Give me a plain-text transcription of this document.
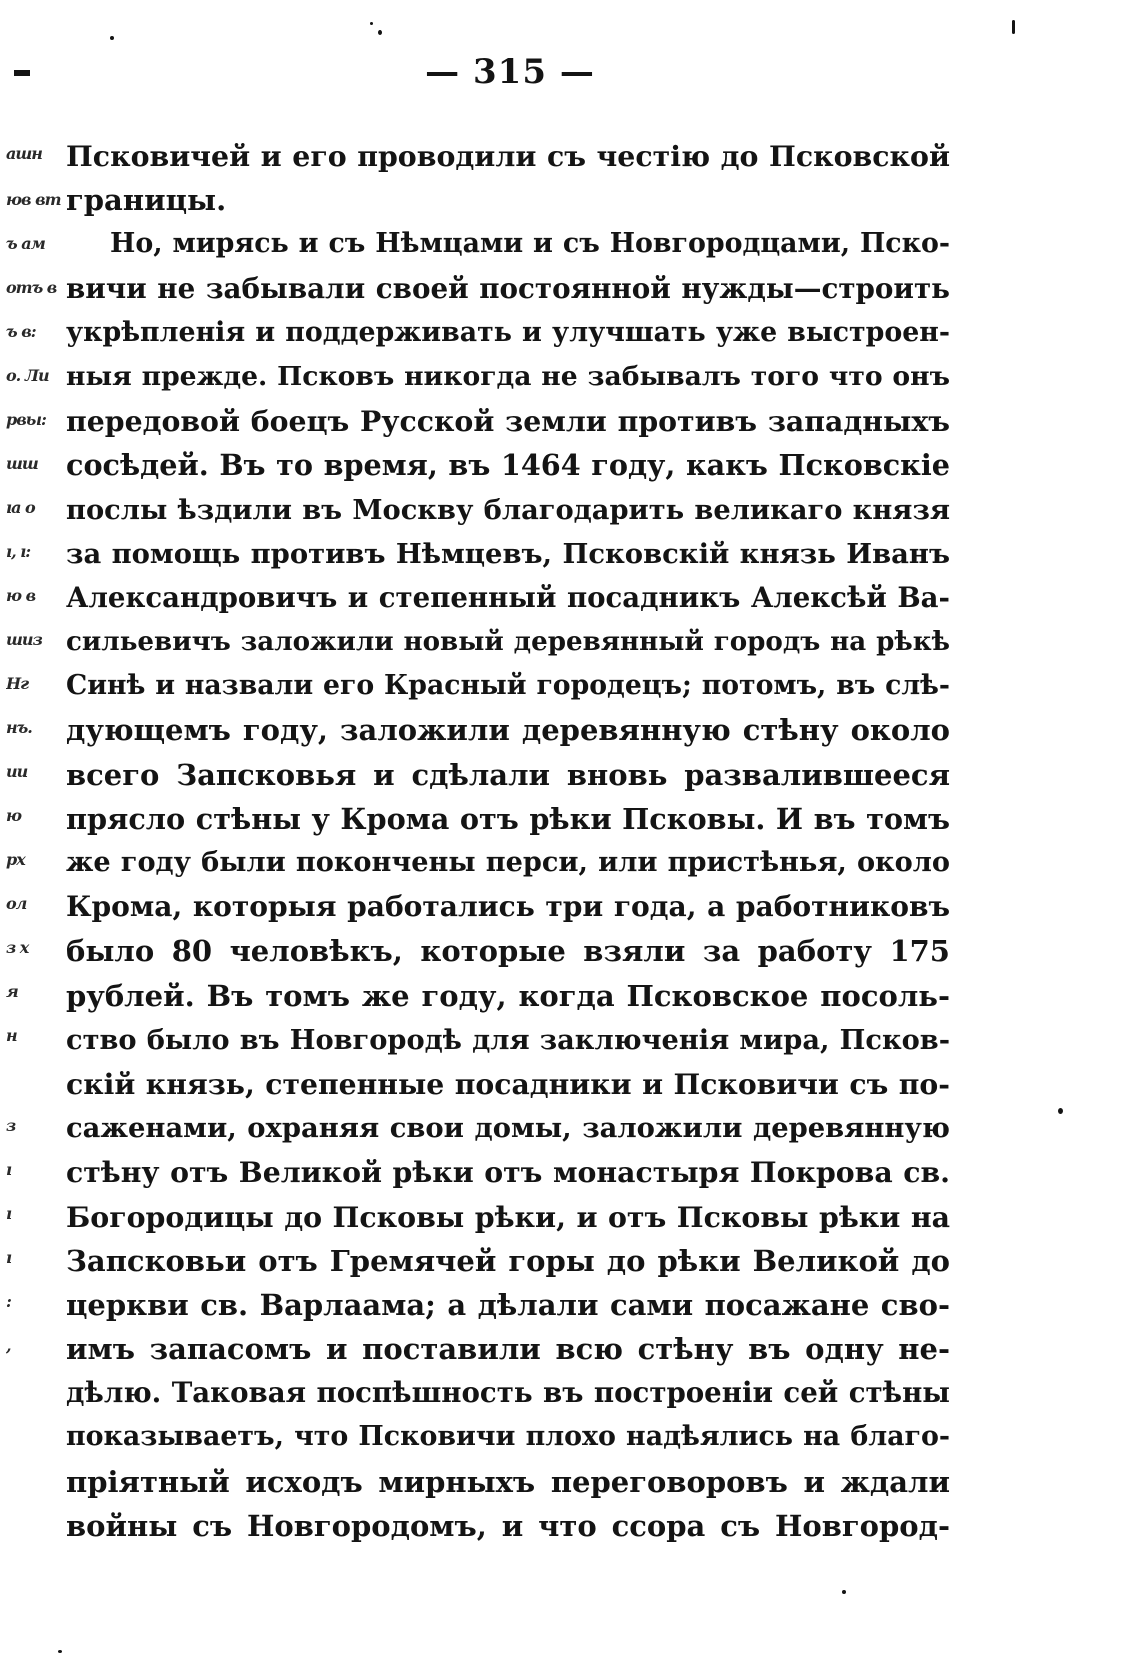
— 315 —
ашн
юв вт
ъ ам
отъ в
ъ в:
о. Ли
рвы:
шш
ıа о
ı, ı:
ю в
шиз
Нг
нъ.
ии
ю
рх
ол
з х
я
н
з
ı
ı
ı
:
,
Псковичей и его проводили съ честію до Псковской
границы.
Но, мирясь и съ Нѣмцами и съ Новгородцами, Пско-
вичи не забывали своей постоянной нужды—строить
укрѣпленія и поддерживать и улучшать уже выстроен-
ныя прежде. Псковъ никогда не забывалъ того что онъ
передовой боецъ Русской земли противъ западныхъ
сосѣдей. Въ то время, въ 1464 году, какъ Псковскіе
послы ѣздили въ Москву благодарить великаго князя
за помощь противъ Нѣмцевъ, Псковскій князь Иванъ
Александровичъ и степенный посадникъ Алексѣй Ва-
сильевичъ заложили новый деревянный городъ на рѣкѣ
Синѣ и назвали его Красный городецъ; потомъ, въ слѣ-
дующемъ году, заложили деревянную стѣну около
всего Запсковья и сдѣлали вновь развалившееся
прясло стѣны у Крома отъ рѣки Псковы. И въ томъ
же году были покончены перси, или пристѣнья, около
Крома, которыя работались три года, а работниковъ
было 80 человѣкъ, которые взяли за работу 175
рублей. Въ томъ же году, когда Псковское посоль-
ство было въ Новгородѣ для заключенія мира, Псков-
скій князь, степенные посадники и Псковичи съ по-
саженами, охраняя свои домы, заложили деревянную
стѣну отъ Великой рѣки отъ монастыря Покрова св.
Богородицы до Псковы рѣки, и отъ Псковы рѣки на
Запсковьи отъ Гремячей горы до рѣки Великой до
церкви св. Варлаама; а дѣлали сами посажане сво-
имъ запасомъ и поставили всю стѣну въ одну не-
дѣлю. Таковая поспѣшность въ построеніи сей стѣны
показываетъ, что Псковичи плохо надѣялись на благо-
пріятный исходъ мирныхъ переговоровъ и ждали
войны съ Новгородомъ, и что ссора съ Новгород-
